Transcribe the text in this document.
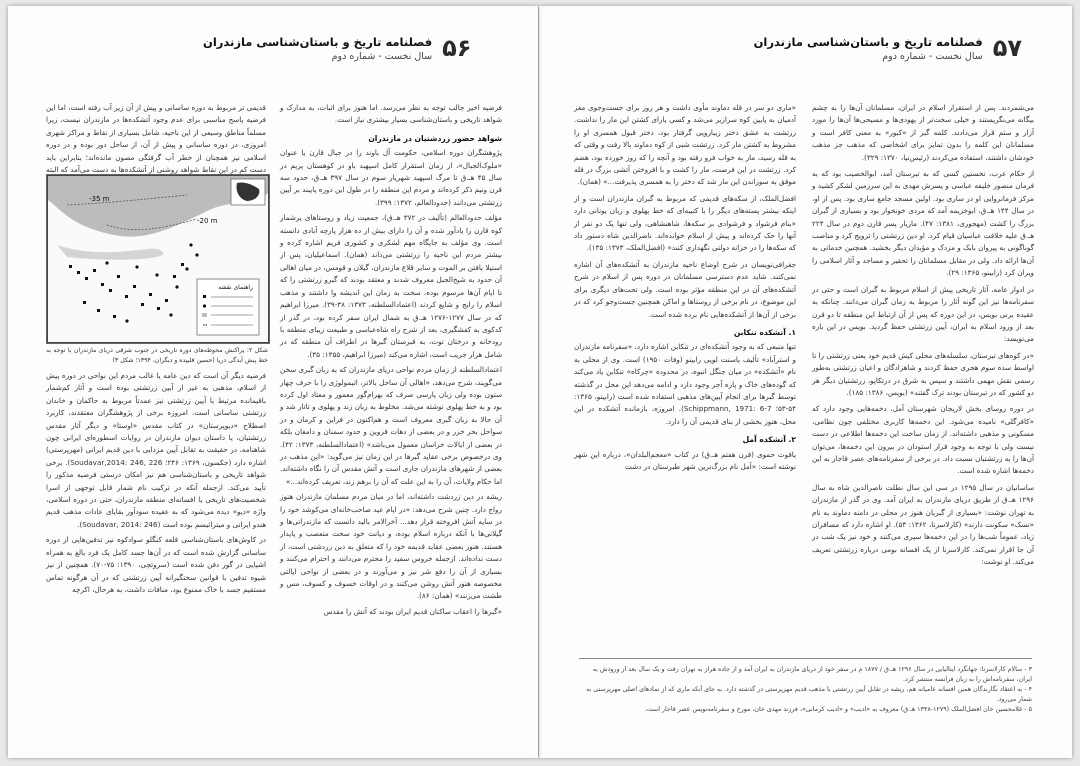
فصلنامه تاریخ و باستان‌شناسی مازندران
سال نخست - شماره دوم ۵۷

می‌شمردند. پس از استقرار اسلام در ایران، مسلمانان آن‌ها را به چشم بیگانه می‌نگریستند و خیلی سخت‌تر از یهودی‌ها و مسیحی‌ها آن‌ها را مورد آزار و ستم قرار می‌دادند. کلمه گبر از «کبور» به معنی کافر است و مسلمانان این کلمه را بدون تمایز برای اشخاصی که مذهب جز مذهب خودشان داشتند، استفاده می‌کردند (رئیس‌نیا، ۱۳۷۰: ۳۲۹).

از حکام عرب، نخستین کسی که به تبرستان آمد، ابوالخصیب بود که به فرمان منصور خلیفه عباسی و پسرش مهدی به این سرزمین لشکر کشید و مرکز فرمانروایی او در ساری بود. اولین مسجد جامع ساری بود. پس از او، در سال ۱۴۴ هـ.ق، ابوخزیمه آمد که مردی خونخوار بود و بسیاری از گبران بزرگ را کشت (مهجوری، ۱۳۸۱: ۴۷). مازیار پسر قارن دوم در سال ۲۲۴ هـ.ق علیه خلافت عباسیان قیام کرد. او دین زرتشتی را ترویج کرد و مناصب گوناگونی به پیروان بابک و مزدک و مؤبدان دیگر بخشید. همچنین خدماتی به آن‌ها ارائه داد. ولی در مقابل مسلمانان را تحقیر و مساجد و آثار اسلامی را ویران کرد (رابینو، ۱۳۶۵: ۲۹).

در ادوار عامه، آثار تاریخی پیش از اسلام مربوط به گبران است و حتی در سفرنامه‌ها نیز این گونه آثار را مربوط به زمان گبران می‌دانند. چنانکه به عقیده برنی بویس، در این دوره که پس از آن ارتباط این منطقه تا دو قرن بعد از ورود اسلام به ایران، آیین زرتشتی حفظ گردید. بویس در این باره می‌نویسد:

«در کوه‌های تبرستان، سلسله‌های محلی کیش قدیم خود یعنی زرتشتی را تا اواسط سده سوم هجری حفظ کردند و شاهزادگان و اعیان زرتشتی به‌طور رسمی نقش مهمی داشتند و سپس به شرق در درتکاپو، زرتشتیان دیگر هر دو کشور که در تبرستان بودند ترک گفتند» (بویس، ۱۳۸۶: ۱۸۵).

در دوره روسای بخش لاریجان شهرستان آمل، دخمه‌هایی وجود دارد که «کافرگلی» نامیده می‌شود. این دخمه‌ها کاربری مختلفی چون نظامی، مسکونی و مذهبی داشته‌اند. از زمان ساخت این دخمه‌ها اطلاعی در دست نیست ولی با توجه به وجود قرار استودان در بیرون این دخمه‌ها، می‌توان آن‌ها را به زرتشتیان نسبت داد. در برخی از سفرنامه‌های عصر قاجار به این دخمه‌ها اشاره شده است.

ساسانیان در سال ۱۲۹۵ در سی این سال نطلت ناصرالدین شاه به سال ۱۲۹۶ هـ.ق از طریق دریای مازندران به ایران آمد. وی در گذر از مازندران به تهران نوشت: «بسیاری از گبریان هنوز در محلی در دامنه دماوند به نام «نسک» سکونت دارند» (کارلاسرنا، ۱۳۶۲: ۵۴). او اشاره دارد که مسافران زیاد، عموماً شب‌ها را در این دخمه‌ها سپری می‌کنند و خود نیز یک شب در آن جا اقرار نمی‌کند. کارلاسرنا از یک افسانه بومی درباره زرتشتی تعریف می‌کند. او نوشت:

«ماری دو سر در قله دماوند مأوی داشت و هر روز برای جست‌وجوی مغز آدمیان به پایین کوه سرازیر می‌شد و کسی یارای کشتن این مار را نداشت. زرتشت به عشق دختر زیبارویی گرفتار بود، دختر قبول همسری او را مشروط به کشتن مار کرد. زرتشت شبی از کوه دماوند بالا رفت و وقتی که به قله رسید، مار به خواب فرو رفته بود و آنچه را که روز خورده بود، هضم کرد. زرتشت در این فرصت، مار را کشت و با افروختن آتشی بزرگ در قله موفق به سوزاندن این مار شد که دختر را به همسری پذیرفت...» (همان).

افضل‌الملک، از سکه‌های قدیمی که مربوط به گبران مازندران است و از اینکه بیشتر پسته‌های دیگر را با کتیبه‌ای که خط پهلوی و زبان یونانی دارد «بنام فرشواد و فرشوادی بر سکه‌ها، شاهنشاهی، ولی تنها یک دو نفر از آنها را حک کرده‌اند و پیش از اسلام خوانده‌اند. ناصرالدین شاه دستور داد که سکه‌ها را در خزانه دولتی نگهداری کنند» (افضل‌الملک، ۱۳۷۳: ۱۳۵).

جغرافی‌نویسان در شرح اوضاع ناحیه مازندران به آتشکده‌های آن اشاره نمی‌کنند. شاید عدم دسترسی مسلمانان در دوره پس از اسلام در شرح آتشکده‌های آن در این منطقه مؤثر بوده است. ولی تحت‌های دیگری برای این موضوع، در نام برخی از روستاها و اماکن همچنین جست‌وجو کرد که در برخی از آن‌ها از آتشکده‌هایی نام برده شده است.

۱. آتشکده تنکابن

تنها منبعی که به وجود آتشکده‌ای در تنکابن اشاره دارد، «سفرنامه مازندران و استرآباد» تألیف یاسنت لویی رابینو (وفات ۱۹۵۰) است. وی از محلی به نام «آتشکده» در میان جنگل انبوه، در محدوده «چرکاه» تنکابن یاد می‌کند که گوده‌های خاک و پاره آجر وجود دارد و ادامه می‌دهد این محل در گذشته توسط گبرها برای انجام آیین‌های مذهبی استفاده شده است (رابینو، ۱۳۶۵: ۵۴-۵۳؛ Schippmann, 1971: 6-7). امروزه، بازمانده آتشکده در این محل، هنوز بخشی از بنای قدیمی آن را دارد.

۲. آتشکده آمل

یاقوت حموی (قرن هفتم هـ.ق) در کتاب «معجم‌البلدان»، درباره این شهر نوشته است: «آمل نام بزرگ‌ترین شهر طبرستان در دشت

۳ - سالام کارلاسرنا: جهانگرد ایتالیایی در سال ۱۲۹۶ هـ.ق / ۱۸۷۷ م در سفر خود از دریای مازندران به ایران آمد و از جاده هراز به تهران رفت و یک سال بعد از ورودش به ایران، سفرنامه‌اش را به زبان فرانسه منتشر کرد.

۴ - به اعتقاد نگارندگان همین افسانه عامیانه هم، ریشه در تقابل آیین زرتشتی با مذهب قدیم مهرپرستی در گذشته دارد. به جای آنکه ماری که از نمادهای اصلی مهرپرستی به شمار می‌رود.

۵ - غلامحسین خان افضل‌الملک (۱۲۷۹-۱۳۴۸ هـ.ق) معروف به «ادیب» و «ادیب کرمانی»، فرزند مهدی خان، مورخ و سفرنامه‌نویس عصر قاجار است.

فصلنامه تاریخ و باستان‌شناسی مازندران
سال نخست - شماره دوم ۵۶

فرضیه اخیر جالب توجه به نظر می‌رسد. اما هنوز برای اثبات، به مدارک و شواهد تاریخی و باستان‌شناسی بسیار بیشتری نیاز است.

شواهد حضور زردشتیان در مازندران

پژوهشگران دوره اسلامی، حکومت آل باوند را در جبال قارن یا عنوان «ملوک‌الجبال»، از زمان استقرار کامل اسپهبد باو در کوهستان پریم در سال ۴۵ هـ.ق تا مرگ اسپهبد شهریار سوم در سال ۳۹۷ هـ.ق، حدود سه قرن ونیم ذکر کرده‌اند و مردم این منطقه را در طول این دوره پایبند بر آیین زرتشتی می‌دانند (حدودالعالم، ۱۳۷۲: ۳۹۹).

مؤلف حدودالعالم (تألیف در ۳۷۲ هـ.ق)، جمعیت زیاد و روستاهای پرشمار کوه قارن را یادآور شده و آن را دارای بیش از ده هزار پارچه آبادی دانسته است. وی مؤلف به جایگاه مهم لشکری و کشوری فریم اشاره کرده و بیشتر مردم این ناحیه را زرتشتی می‌داند (همان). اسماعیلیان، پس از استیلا یافتن بر الموت و سایر قلاع مازندران، گیلان و قومس، در میان اهالی آن حدود به شیخ‌الجبل معروف شدند و معتقد بودند که گبرو زرتشتی را که تا ایام آن‌ها مرسوم بوده، سخت به زمان این اندیشه وا داشتند و مذهب اسلام را رایج و شایع کردند (اعتمادالسلطنه، ۱۳۷۳: ۳۸-۳۹). میرزا ابراهیم که در سال ۱۲۷۷-۱۲۷۶ هـ.ق به شمال ایران سفر کرده بود، در گذر از کدکوی به کفشگیری، بعد از شرح راه شاه‌عباسی و طبیعت زیبای منطقه با رودخانه و درختان توت، به قبرستان گبرها در اطراف آن منطقه که در شامل هزار جریب است، اشاره می‌کند (میرزا ابراهیم، ۱۳۵۵: ۳۵).

اعتمادالسلطنه از زمان مردم نواحی دریای مازندران که به زبان گبری سخن می‌گویند، شرح می‌دهد، «اهالی آن ساحل بالاتر، اتیمولوژی را با حرف چهار ستون بوده ولی زبان پارسی صرف که بهرام‌گور معمور و معتاد اول کرده بود و به خط پهلوی نوشته می‌شد. مخلوط به زبان زند و پهلوی و تاتار شد و آن حالا به زبان گبری معروف است و هم‌اکنون در فراین و کرمان و در سواحل بحر خزر و در بعضی از دهات قزوین و حدود سمنان و دامغان بلکه در بعضی از ایالات خراسان معمول می‌باشد» (اعتمادالسلطنه، ۱۳۷۳: ۴۲). وی درخصوص برخی عقاید گبرها در این زمان نیز می‌گوید: «این مذهب در بعضی از شهرهای مازندران جاری است و آتش مقدس آن را نگاه داشته‌اند. اما حکام ولایات، آن را به این علت که آن را برهم زند، تعریف کرده‌اند...»

ریشه در دین زردشت داشته‌اند، اما در میان مردم مسلمان مازندران هنوز رواج دارد. چنین شرح می‌دهد: «در ایام عید صاحب‌خانه‌ای می‌کوشد خود را در سایه آتش افروخته قرار دهد... آخرالامر بالید دانست که مازندرانی‌ها و گیلانی‌ها با آنکه درباره اسلام بوده، و دیانت خود سخت متعصب و پایدار هستند. هنوز بعضی عقاید قدیمه خود را که متعلق به دین زردشتی است، از دست نداده‌اند. ازجمله خروس سفید را محترم می‌دانند و احترام می‌کنند و بسیاری از آن را دفع شر نیز و می‌آورند و در بعضی از نواحی ایالتی مخصوصه هنوز آتش روشن می‌کنند و در اوقات خسوف و کسوف، مس و طشت می‌زنند» (همان: ۸۶).

«گبرها را اعقاب ساکنان قدیم ایران بودند که آتش را مقدس

قدیمی تر مربوط به دوره ساسانی و پیش از آن زیر آب رفته است، اما این فرضیه پاسخ مناسبی برای عدم وجود آتشکده‌ها در مازندران نیست، زیرا مسلماً مناطق وسیعی از این ناحیه، شامل بسیاری از نقاط و مراکز شهری امروزی، در دوره ساسانی و پیش از آن، از ساحل دور بوده و در دوره اسلامی نیز همچنان از خطر آب گرفتگی مصون مانده‌اند؛ بنابراین باید دست کم در این نقاط شواهد روشنی از آتشکده‌ها به دست می‌آمد که البته

-35 m
-20 m
راهنمای نقشه
شکل ۲: پراکنش محوطه‌های دوره تاریخی در جنوب شرقی دریای مازندران با توجه به خط پیش آبدگی دریا (حسین قلیپده و دیگران، ۱۳۹۴؛ شکل ۳)

فرضیه دیگر آن است که دین عامه یا غالب مردم این نواحی در دوره پیش از اسلام، مذهبی به غیر از آیین زرتشتی بوده است و آثار کم‌شمار باقیمانده مرتبط با آیین زرتشتی نیز عمدتاً مربوط به حاکمان و خاندان زرتشتی ساسانی است. امروزه برخی از پژوهشگران معتقدند، کاربرد اصطلاح «دیوپرستان» در کتاب مقدس «اوستا» و دیگر آثار مقدس زرتشتیان، یا داستان دیوان مازندران در روایات اسطوره‌ای ایرانی چون شاهنامه، در حقیقت به تقابل آیین مزدایی با دین قدیم ایرانی (مهرپرستی) اشاره دارد (جکسون، ۱۳۶۹: ۲۴۶؛ Soudavar,2014: 246, 226). برخی شواهد تاریخی و باستان‌شناسی هم نیز امکان درستی فرضیه مذکور را تأیید می‌کند. ازجمله آنکه در ترکیب نام شمار قابل توجهی از اسرا شخصیت‌های تاریخی یا افسانه‌ای منطقه مازندران، حتی در دوره اسلامی، واژه «دیو» دیده می‌شود که به عقیده سودآور بقایای عادات مذهب قدیم هندو ایرانی و میترائیسم بوده است (Soudavar, 2014: 246).

در کاوش‌های باستان‌شناسی قلعه کنگلو سوادکوه نیز تدفین‌هایی از دوره ساسانی گزارش شده است که در آن‌ها جسد کامل یک فرد بالغ به همراه اشیایی در گور دفن شده است (سروتچی، ۱۳۹۰: ۷۵-۷۰). همچنین از نیز شیوه تدفین با قوانین سختگیرانه آیین زرتشتی که در آن هرگونه تماس مستقیم جسد با خاک ممنوع بود، منافات داشت، به هرحال، اکرچه
